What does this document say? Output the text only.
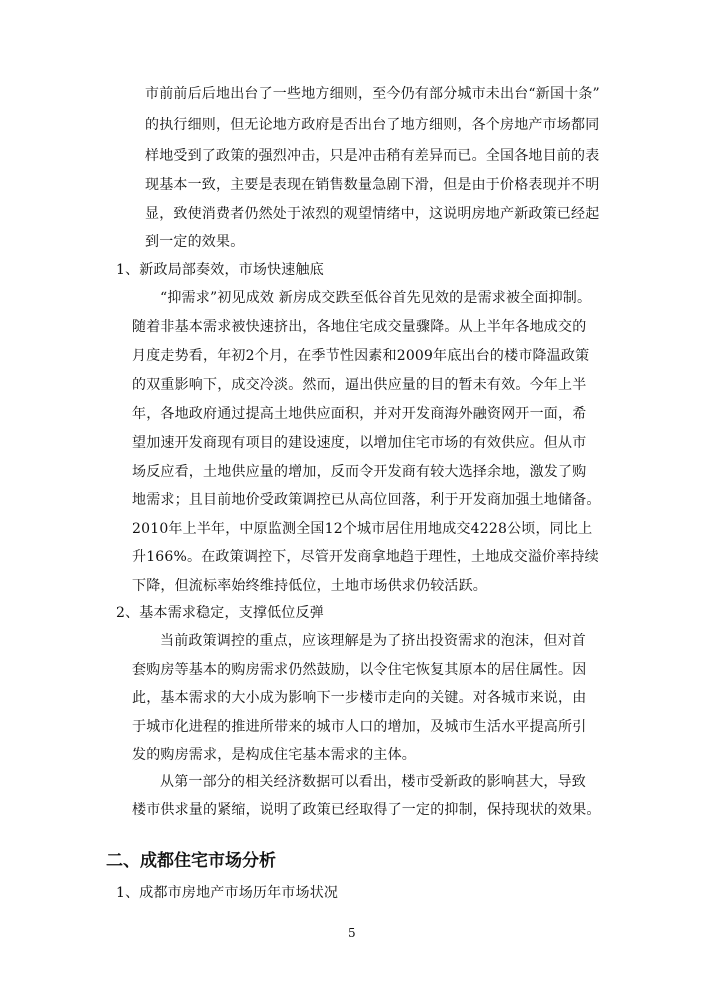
市前前后后地出台了一些地方细则，至今仍有部分城市未出台“新国十条”
的执行细则，但无论地方政府是否出台了地方细则，各个房地产市场都同
样地受到了政策的强烈冲击，只是冲击稍有差异而已。全国各地目前的表
现基本一致，主要是表现在销售数量急剧下滑，但是由于价格表现并不明
显，致使消费者仍然处于浓烈的观望情绪中，这说明房地产新政策已经起
到一定的效果。
1、新政局部奏效，市场快速触底
“抑需求”初见成效 新房成交跌至低谷首先见效的是需求被全面抑制。
随着非基本需求被快速挤出，各地住宅成交量骤降。从上半年各地成交的
月度走势看，年初2个月，在季节性因素和2009年底出台的楼市降温政策
的双重影响下，成交冷淡。然而，逼出供应量的目的暂未有效。今年上半
年，各地政府通过提高土地供应面积，并对开发商海外融资网开一面，希
望加速开发商现有项目的建设速度，以增加住宅市场的有效供应。但从市
场反应看，土地供应量的增加，反而令开发商有较大选择余地，激发了购
地需求；且目前地价受政策调控已从高位回落，利于开发商加强土地储备。
2010年上半年，中原监测全国12个城市居住用地成交4228公顷，同比上
升166%。在政策调控下，尽管开发商拿地趋于理性，土地成交溢价率持续
下降，但流标率始终维持低位，土地市场供求仍较活跃。
2、基本需求稳定，支撑低位反弹
当前政策调控的重点，应该理解是为了挤出投资需求的泡沫，但对首
套购房等基本的购房需求仍然鼓励，以令住宅恢复其原本的居住属性。因
此，基本需求的大小成为影响下一步楼市走向的关键。对各城市来说，由
于城市化进程的推进所带来的城市人口的增加，及城市生活水平提高所引
发的购房需求，是构成住宅基本需求的主体。
从第一部分的相关经济数据可以看出，楼市受新政的影响甚大，导致
楼市供求量的紧缩，说明了政策已经取得了一定的抑制，保持现状的效果。
二、成都住宅市场分析
1、成都市房地产市场历年市场状况
5
